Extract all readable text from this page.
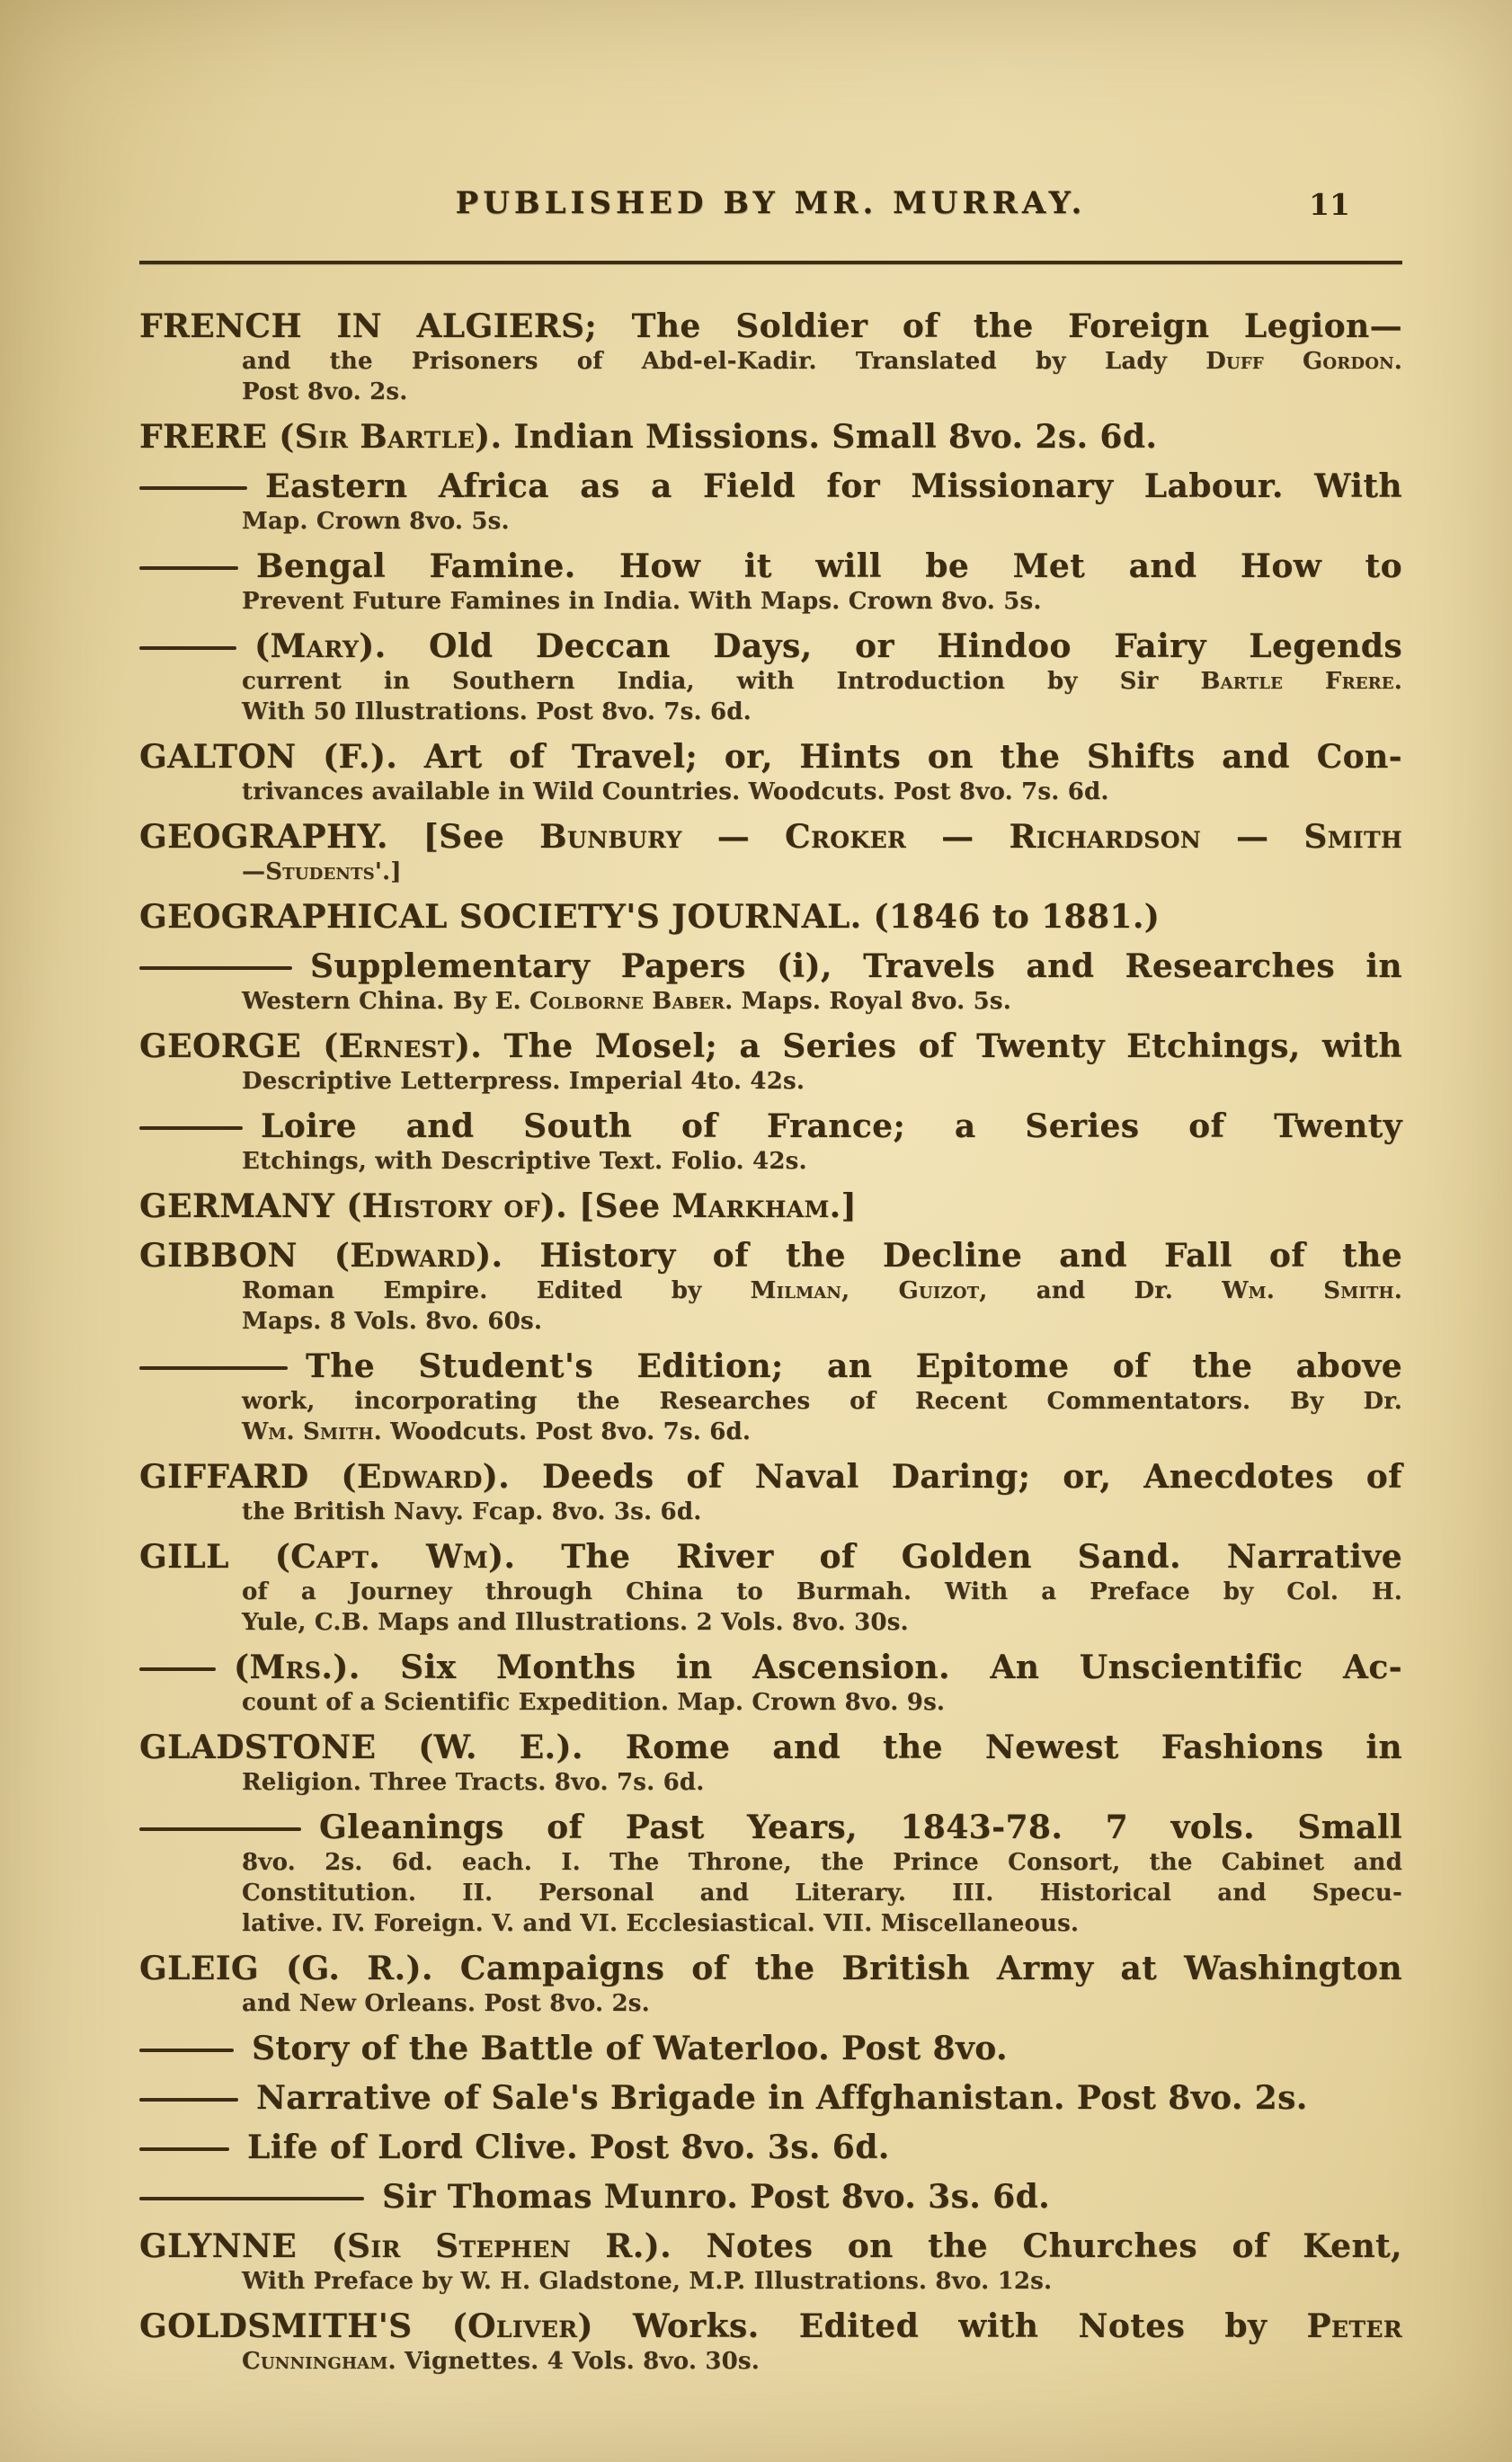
PUBLISHED BY MR. MURRAY.	11
FRENCH IN ALGIERS; The Soldier of the Foreign Legion—
and the Prisoners of Abd-el-Kadir. Translated by Lady Duff Gordon.
Post 8vo. 2s.
FRERE (Sir Bartle). Indian Missions. Small 8vo. 2s. 6d.
Eastern Africa as a Field for Missionary Labour. With
Map. Crown 8vo. 5s.
Bengal Famine. How it will be Met and How to
Prevent Future Famines in India. With Maps. Crown 8vo. 5s.
(Mary). Old Deccan Days, or Hindoo Fairy Legends
current in Southern India, with Introduction by Sir Bartle Frere.
With 50 Illustrations. Post 8vo. 7s. 6d.
GALTON (F.). Art of Travel; or, Hints on the Shifts and Con-
trivances available in Wild Countries. Woodcuts. Post 8vo. 7s. 6d.
GEOGRAPHY. [See Bunbury — Croker — Richardson — Smith
—Students'.]
GEOGRAPHICAL SOCIETY'S JOURNAL. (1846 to 1881.)
Supplementary Papers (i), Travels and Researches in
Western China. By E. Colborne Baber. Maps. Royal 8vo. 5s.
GEORGE (Ernest). The Mosel; a Series of Twenty Etchings, with
Descriptive Letterpress. Imperial 4to. 42s.
Loire and South of France; a Series of Twenty
Etchings, with Descriptive Text. Folio. 42s.
GERMANY (History of). [See Markham.]
GIBBON (Edward). History of the Decline and Fall of the
Roman Empire. Edited by Milman, Guizot, and Dr. Wm. Smith.
Maps. 8 Vols. 8vo. 60s.
The Student's Edition; an Epitome of the above
work, incorporating the Researches of Recent Commentators. By Dr.
Wm. Smith. Woodcuts. Post 8vo. 7s. 6d.
GIFFARD (Edward). Deeds of Naval Daring; or, Anecdotes of
the British Navy. Fcap. 8vo. 3s. 6d.
GILL (Capt. Wm). The River of Golden Sand. Narrative
of a Journey through China to Burmah. With a Preface by Col. H.
Yule, C.B. Maps and Illustrations. 2 Vols. 8vo. 30s.
(Mrs.). Six Months in Ascension. An Unscientific Ac-
count of a Scientific Expedition. Map. Crown 8vo. 9s.
GLADSTONE (W. E.). Rome and the Newest Fashions in
Religion. Three Tracts. 8vo. 7s. 6d.
Gleanings of Past Years, 1843-78. 7 vols. Small
8vo. 2s. 6d. each. I. The Throne, the Prince Consort, the Cabinet and
Constitution. II. Personal and Literary. III. Historical and Specu-
lative. IV. Foreign. V. and VI. Ecclesiastical. VII. Miscellaneous.
GLEIG (G. R.). Campaigns of the British Army at Washington
and New Orleans. Post 8vo. 2s.
Story of the Battle of Waterloo. Post 8vo.
Narrative of Sale's Brigade in Affghanistan. Post 8vo. 2s.
Life of Lord Clive. Post 8vo. 3s. 6d.
Sir Thomas Munro. Post 8vo. 3s. 6d.
GLYNNE (Sir Stephen R.). Notes on the Churches of Kent,
With Preface by W. H. Gladstone, M.P. Illustrations. 8vo. 12s.
GOLDSMITH'S (Oliver) Works. Edited with Notes by Peter
Cunningham. Vignettes. 4 Vols. 8vo. 30s.
